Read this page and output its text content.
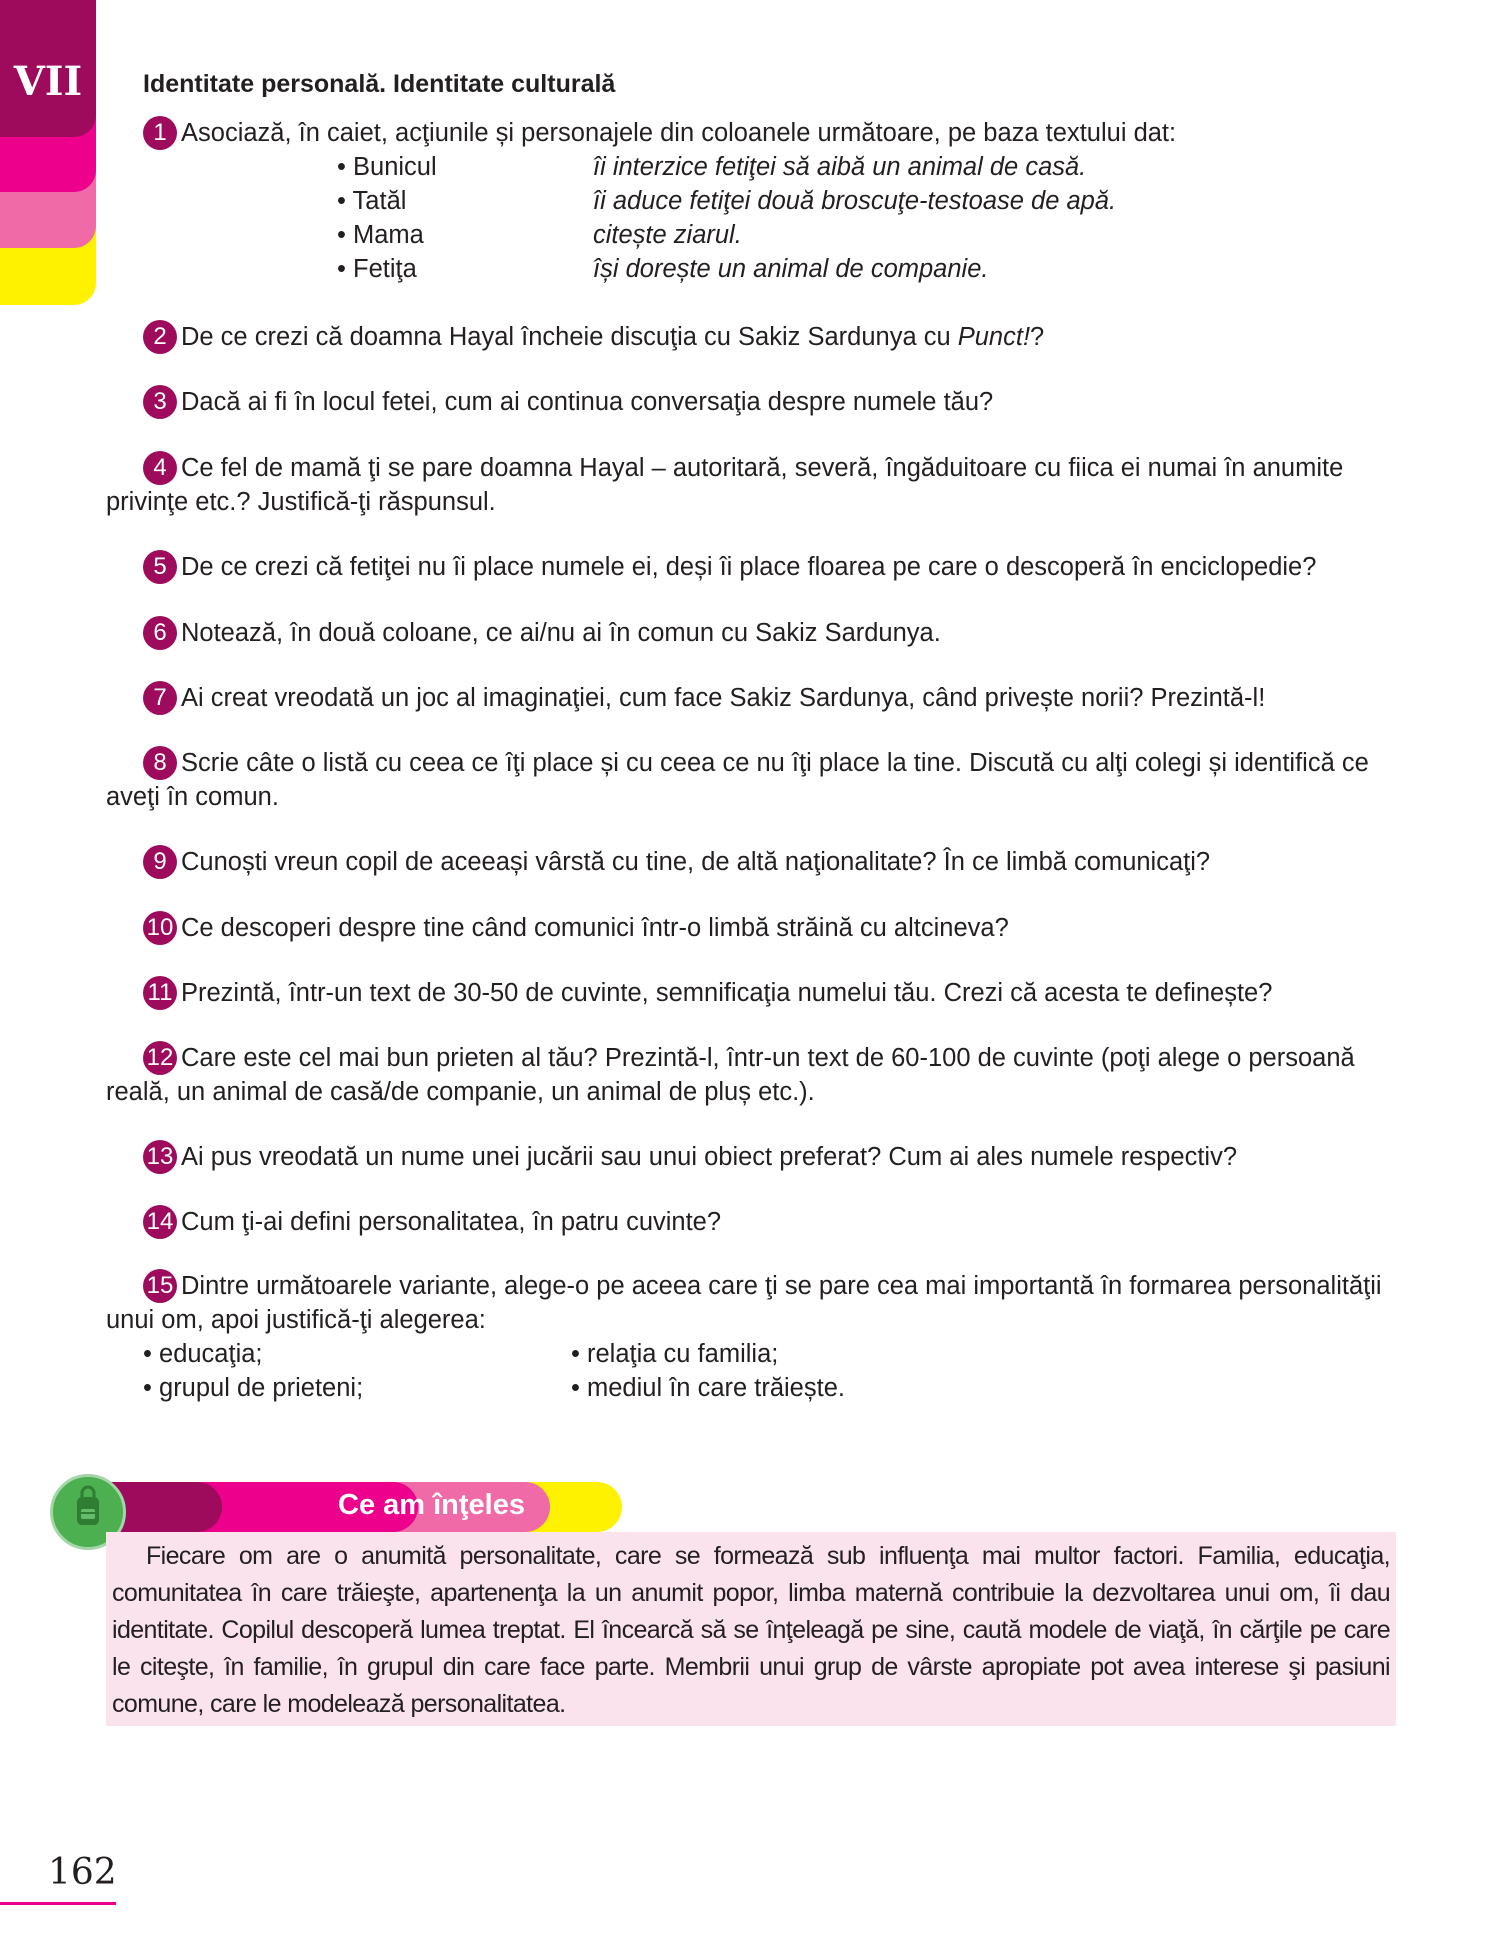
VII	Identitate personală. Identitate culturală
1 Asociază, în caiet, acţiunile și personajele din coloanele următoare, pe baza textului dat:
• Bunicul	îi interzice fetiţei să aibă un animal de casă.
• Tatăl	îi aduce fetiţei două broscuţe-testoase de apă.
• Mama	citește ziarul.
• Fetiţa	își dorește un animal de companie.
2 De ce crezi că doamna Hayal încheie discuţia cu Sakiz Sardunya cu Punct!?
3 Dacă ai fi în locul fetei, cum ai continua conversaţia despre numele tău?
4 Ce fel de mamă ţi se pare doamna Hayal – autoritară, severă, îngăduitoare cu fiica ei numai în anumite privinţe etc.? Justifică-ţi răspunsul.
5 De ce crezi că fetiţei nu îi place numele ei, deși îi place floarea pe care o descoperă în enciclopedie?
6 Notează, în două coloane, ce ai/nu ai în comun cu Sakiz Sardunya.
7 Ai creat vreodată un joc al imaginaţiei, cum face Sakiz Sardunya, când privește norii? Prezintă-l!
8 Scrie câte o listă cu ceea ce îţi place și cu ceea ce nu îţi place la tine. Discută cu alţi colegi și identifică ce aveţi în comun.
9 Cunoști vreun copil de aceeași vârstă cu tine, de altă naţionalitate? În ce limbă comunicaţi?
10 Ce descoperi despre tine când comunici într-o limbă străină cu altcineva?
11 Prezintă, într-un text de 30-50 de cuvinte, semnificaţia numelui tău. Crezi că acesta te definește?
12 Care este cel mai bun prieten al tău? Prezintă-l, într-un text de 60-100 de cuvinte (poţi alege o persoană reală, un animal de casă/de companie, un animal de pluș etc.).
13 Ai pus vreodată un nume unei jucării sau unui obiect preferat? Cum ai ales numele respectiv?
14 Cum ţi-ai defini personalitatea, în patru cuvinte?
15 Dintre următoarele variante, alege-o pe aceea care ţi se pare cea mai importantă în formarea personalităţii unui om, apoi justifică-ţi alegerea:
• educaţia;	• relaţia cu familia;
• grupul de prieteni;	• mediul în care trăiește.
Ce am înţeles

Fiecare om are o anumită personalitate, care se formează sub influenţa mai multor factori. Familia, educaţia, comunitatea în care trăieşte, apartenenţa la un anumit popor, limba maternă contribuie la dezvoltarea unui om, îi dau identitate. Copilul descoperă lumea treptat. El încearcă să se înţeleagă pe sine, caută modele de viaţă, în cărţile pe care le citeşte, în familie, în grupul din care face parte. Membrii unui grup de vârste apropiate pot avea interese şi pasiuni comune, care le modelează personalitatea.

162
